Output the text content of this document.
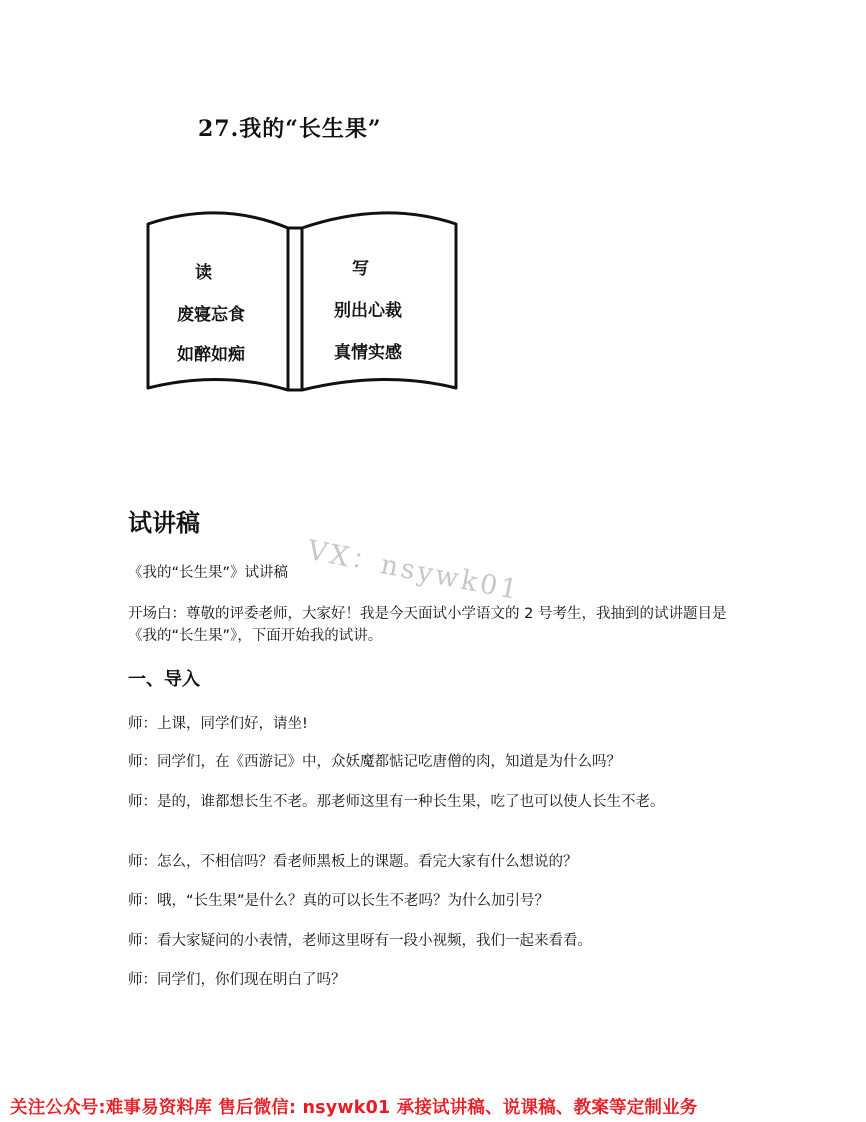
27.我的“长生果”
读
废寝忘食
如醉如痴
写
别出心裁
真情实感
VX：nsywk01
试讲稿
《我的“长生果”》试讲稿
开场白：尊敬的评委老师，大家好！我是今天面试小学语文的 2 号考生，我抽到的试讲题目是《我的“长生果”》，下面开始我的试讲。
一、导入
师：上课，同学们好，请坐!
师：同学们，在《西游记》中，众妖魔都惦记吃唐僧的肉，知道是为什么吗？
师：是的，谁都想长生不老。那老师这里有一种长生果，吃了也可以使人长生不老。
师：怎么，不相信吗？看老师黑板上的课题。看完大家有什么想说的？
师：哦，“长生果”是什么？真的可以长生不老吗？为什么加引号？
师：看大家疑问的小表情，老师这里呀有一段小视频，我们一起来看看。
师：同学们，你们现在明白了吗？
关注公众号:难事易资料库 售后微信: nsywk01 承接试讲稿、说课稿、教案等定制业务
